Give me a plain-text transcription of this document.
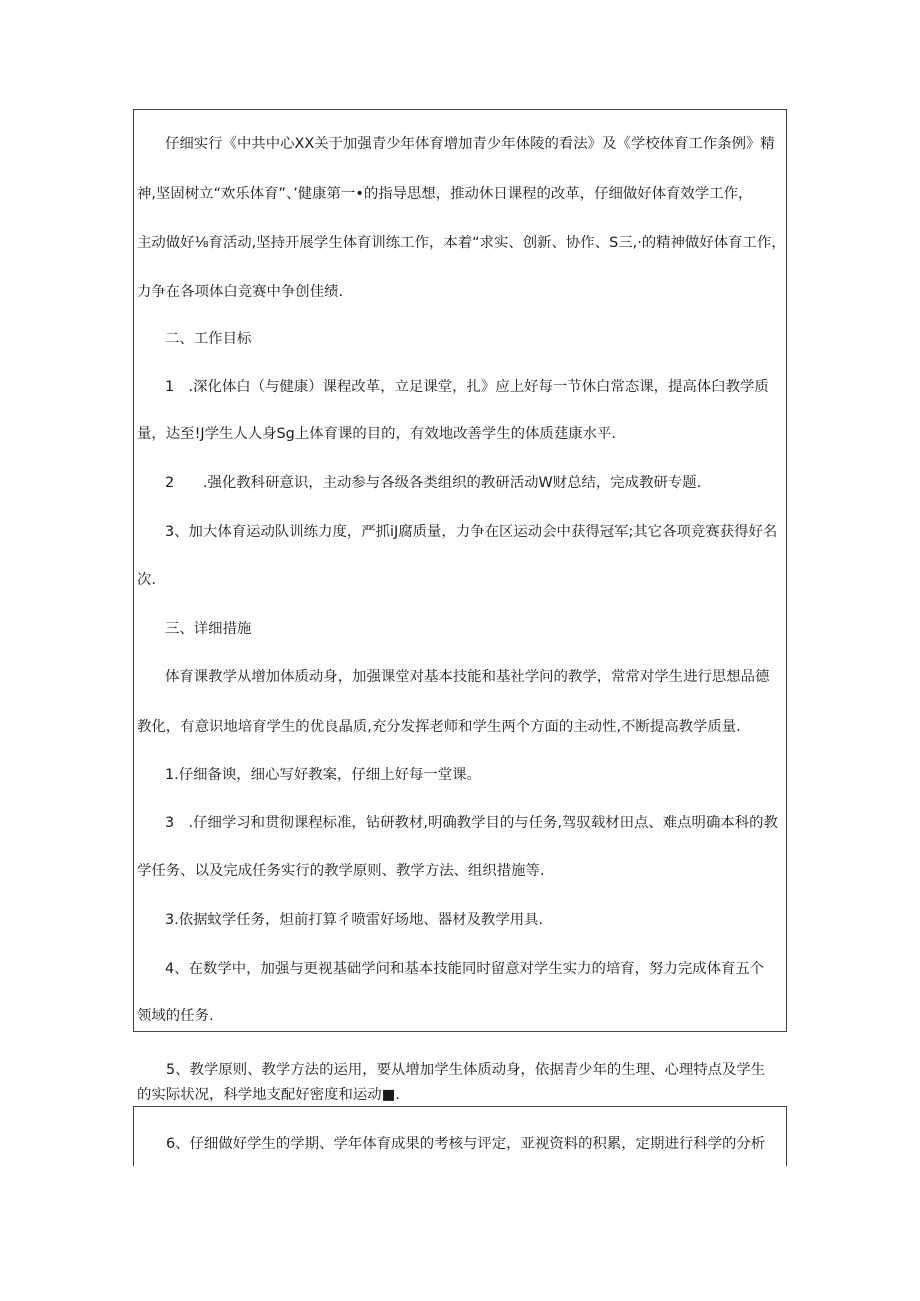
仔细实行《中共中心XX关于加强青少年体育增加青少年体陵的看法》及《学校体育工作条例》精
神,坚固树立“欢乐体育”、’健康第一•的指导思想，推动休日课程的改革，仔细做好体育效学工作，
主动做好⅛育活动,坚持开展学生体育训练工作，本着“求实、创新、协作、S三,·的精神做好体育工作，
力争在各项体白竞赛中争创佳绩.
二、工作目标
1　.深化体白（与健康）课程改革，立足课堂，扎》应上好每一节休白常态课，提高体臼教学质
量，达至!J学生人人身Sg上体育课的目的，有效地改善学生的体质莛康水平.
2　　.强化教科研意识，主动参与各级各类组织的教研活动W财总结，完成教研专题.
3、加大体育运动队训练力度，严抓iJ腐质量，力争在区运动会中获得冠军;其它各项竞赛获得好名
次.
三、详细措施
体育课教学从增加体质动身，加强课堂对基本技能和基社学问的教学，常常对学生进行思想品德
教化，有意识地培育学生的优良晶质,充分发挥老师和学生两个方面的主动性,不断提高教学质量.
1.仔细备谀，细心写好教案，仔细上好每一堂课。
3　.仔细学习和贯彻课程标准，钻研教材,明确教学目的与任务,驾驭载材田点、难点明确本科的教
学任务、以及完成任务实行的教学原则、教学方法、组织措施等.
3.依据蚊学任务，炟前打算彳喷雷好场地、器材及教学用具.
4、在数学中，加强与更视基础学问和基本技能同时留意对学生实力的培育，努力完成体育五个
领域的任务.
5、教学原则、教学方法的运用，要从增加学生体质动身，依据青少年的生理、心理特点及学生
的实际状况，科学地支配好密度和运动■.
6、仔细做好学生的学期、学年体育成果的考核与评定，亚视资料的积累，定期进行科学的分析
